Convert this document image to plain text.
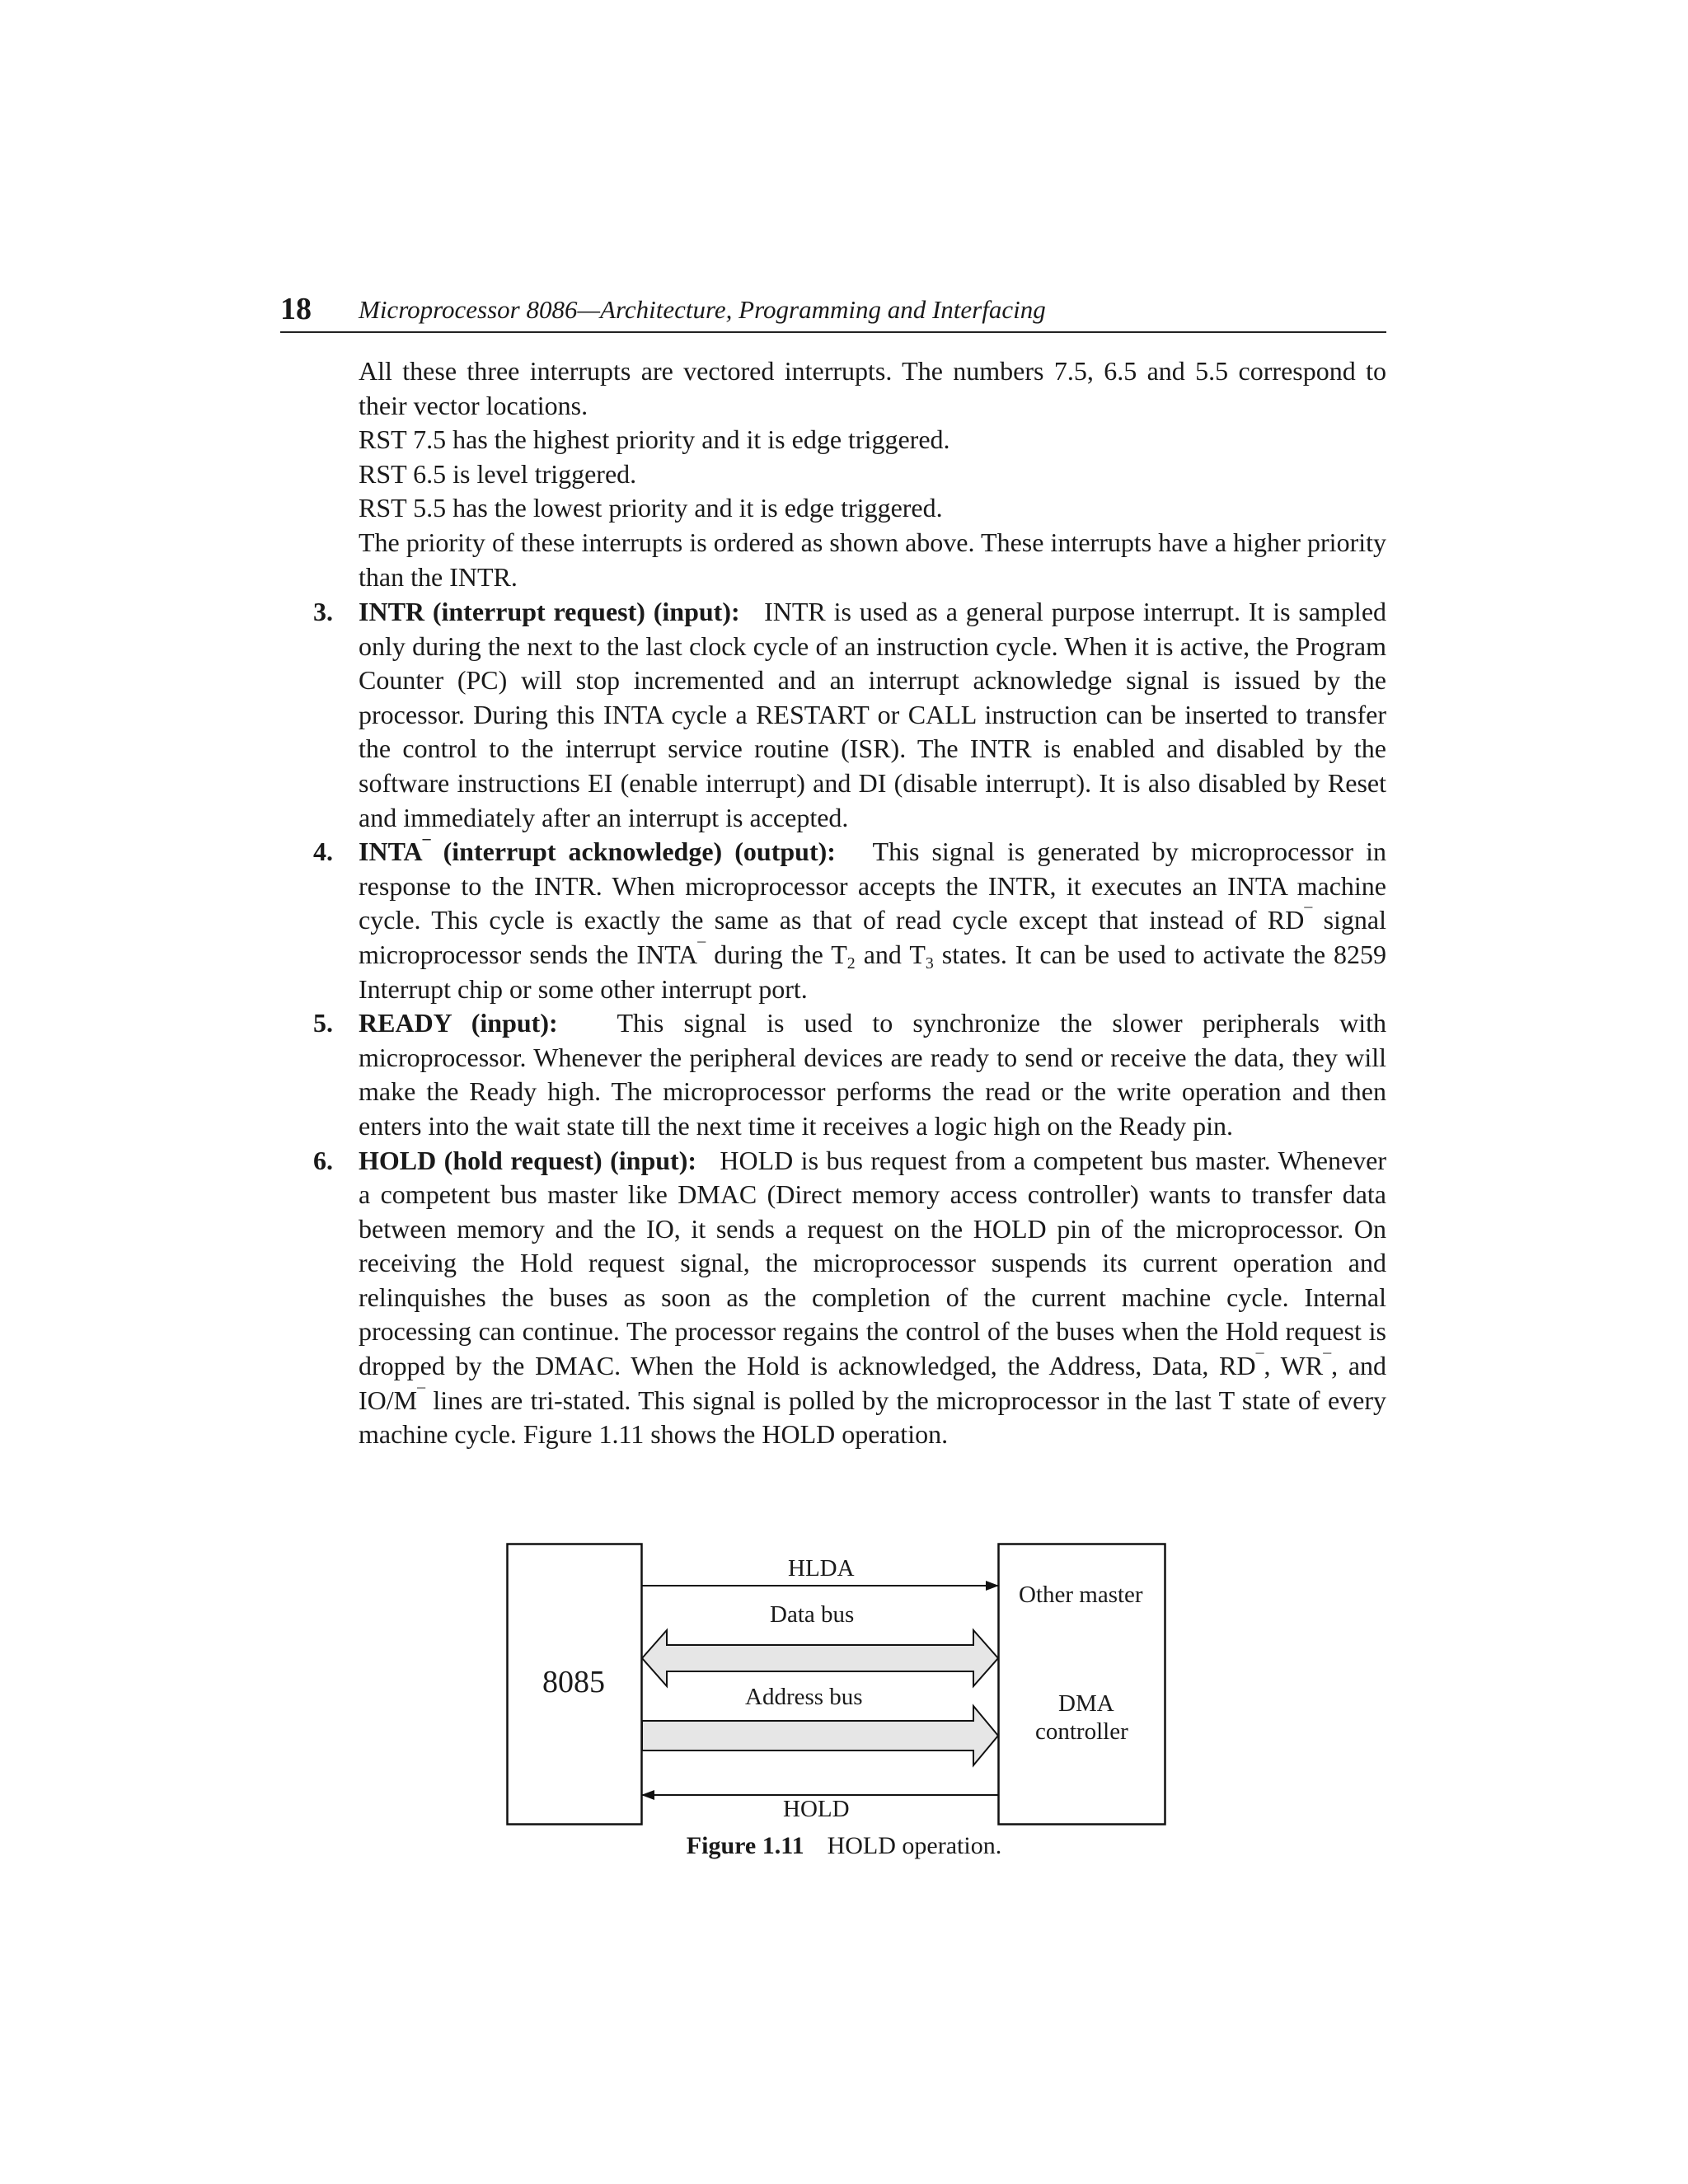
18 Microprocessor 8086—Architecture, Programming and Interfacing

All these three interrupts are vectored interrupts. The numbers 7.5, 6.5 and 5.5 correspond to their vector locations.

RST 7.5 has the highest priority and it is edge triggered.

RST 6.5 is level triggered.

RST 5.5 has the lowest priority and it is edge triggered.

The priority of these interrupts is ordered as shown above. These interrupts have a higher priority than the INTR.

3. INTR (interrupt request) (input): INTR is used as a general purpose interrupt. It is sampled only during the next to the last clock cycle of an instruction cycle. When it is active, the Program Counter (PC) will stop incremented and an interrupt acknowledge signal is issued by the processor. During this INTA cycle a RESTART or CALL instruction can be inserted to transfer the control to the interrupt service routine (ISR). The INTR is enabled and disabled by the software instructions EI (enable interrupt) and DI (disable interrupt). It is also disabled by Reset and immediately after an interrupt is accepted.
4. INTA¯ (interrupt acknowledge) (output): This signal is generated by microprocessor in response to the INTR. When microprocessor accepts the INTR, it executes an INTA machine cycle. This cycle is exactly the same as that of read cycle except that instead of RD¯ signal microprocessor sends the INTA¯ during the $T_2$ and $T_3$ states. It can be used to activate the 8259 Interrupt chip or some other interrupt port.
5. READY (input): This signal is used to synchronize the slower peripherals with microprocessor. Whenever the peripheral devices are ready to send or receive the data, they will make the Ready high. The microprocessor performs the read or the write operation and then enters into the wait state till the next time it receives a logic high on the Ready pin.
6. HOLD (hold request) (input): HOLD is bus request from a competent bus master. Whenever a competent bus master like DMAC (Direct memory access controller) wants to transfer data between memory and the IO, it sends a request on the HOLD pin of the microprocessor. On receiving the Hold request signal, the microprocessor suspends its current operation and relinquishes the buses as soon as the completion of the current machine cycle. Internal processing can continue. The processor regains the control of the buses when the Hold request is dropped by the DMAC. When the Hold is acknowledged, the Address, Data, RD¯, WR¯, and IO/M¯ lines are tri-stated. This signal is polled by the microprocessor in the last T state of every machine cycle. Figure 1.11 shows the HOLD operation.
8085
Other master
DMA
controller
HLDA
Data bus
Address bus
HOLD
Figure 1.11 HOLD operation.
